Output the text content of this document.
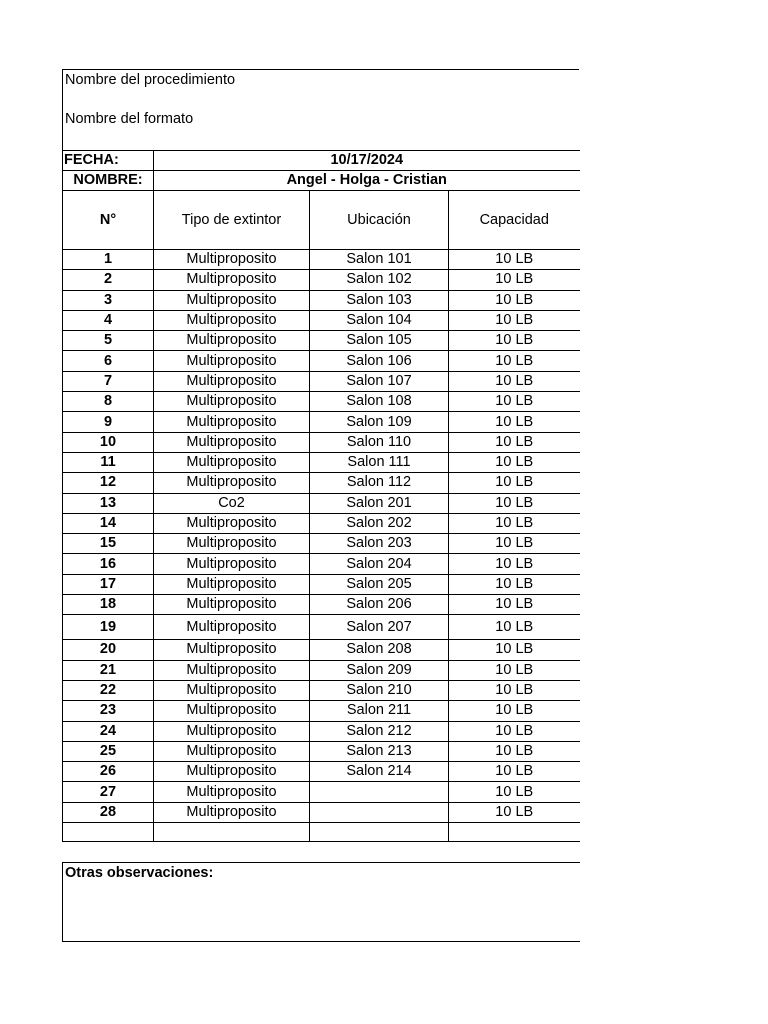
Nombre del procedimiento
Nombre del formato
FECHA:	10/17/2024		
NOMBRE:	Angel - Holga - Cristian		
N°	Tipo de extintor	Ubicación	Capacidad
1	Multiproposito	Salon 101	10 LB
2	Multiproposito	Salon 102	10 LB
3	Multiproposito	Salon 103	10 LB
4	Multiproposito	Salon 104	10 LB
5	Multiproposito	Salon 105	10 LB
6	Multiproposito	Salon 106	10 LB
7	Multiproposito	Salon 107	10 LB
8	Multiproposito	Salon 108	10 LB
9	Multiproposito	Salon 109	10 LB
10	Multiproposito	Salon 110	10 LB
11	Multiproposito	Salon 111	10 LB
12	Multiproposito	Salon 112	10 LB
13	Co2	Salon 201	10 LB
14	Multiproposito	Salon 202	10 LB
15	Multiproposito	Salon 203	10 LB
16	Multiproposito	Salon 204	10 LB
17	Multiproposito	Salon 205	10 LB
18	Multiproposito	Salon 206	10 LB
19	Multiproposito	Salon 207	10 LB
20	Multiproposito	Salon 208	10 LB
21	Multiproposito	Salon 209	10 LB
22	Multiproposito	Salon 210	10 LB
23	Multiproposito	Salon 211	10 LB
24	Multiproposito	Salon 212	10 LB
25	Multiproposito	Salon 213	10 LB
26	Multiproposito	Salon 214	10 LB
27	Multiproposito		10 LB
28	Multiproposito		10 LB

Otras observaciones:
